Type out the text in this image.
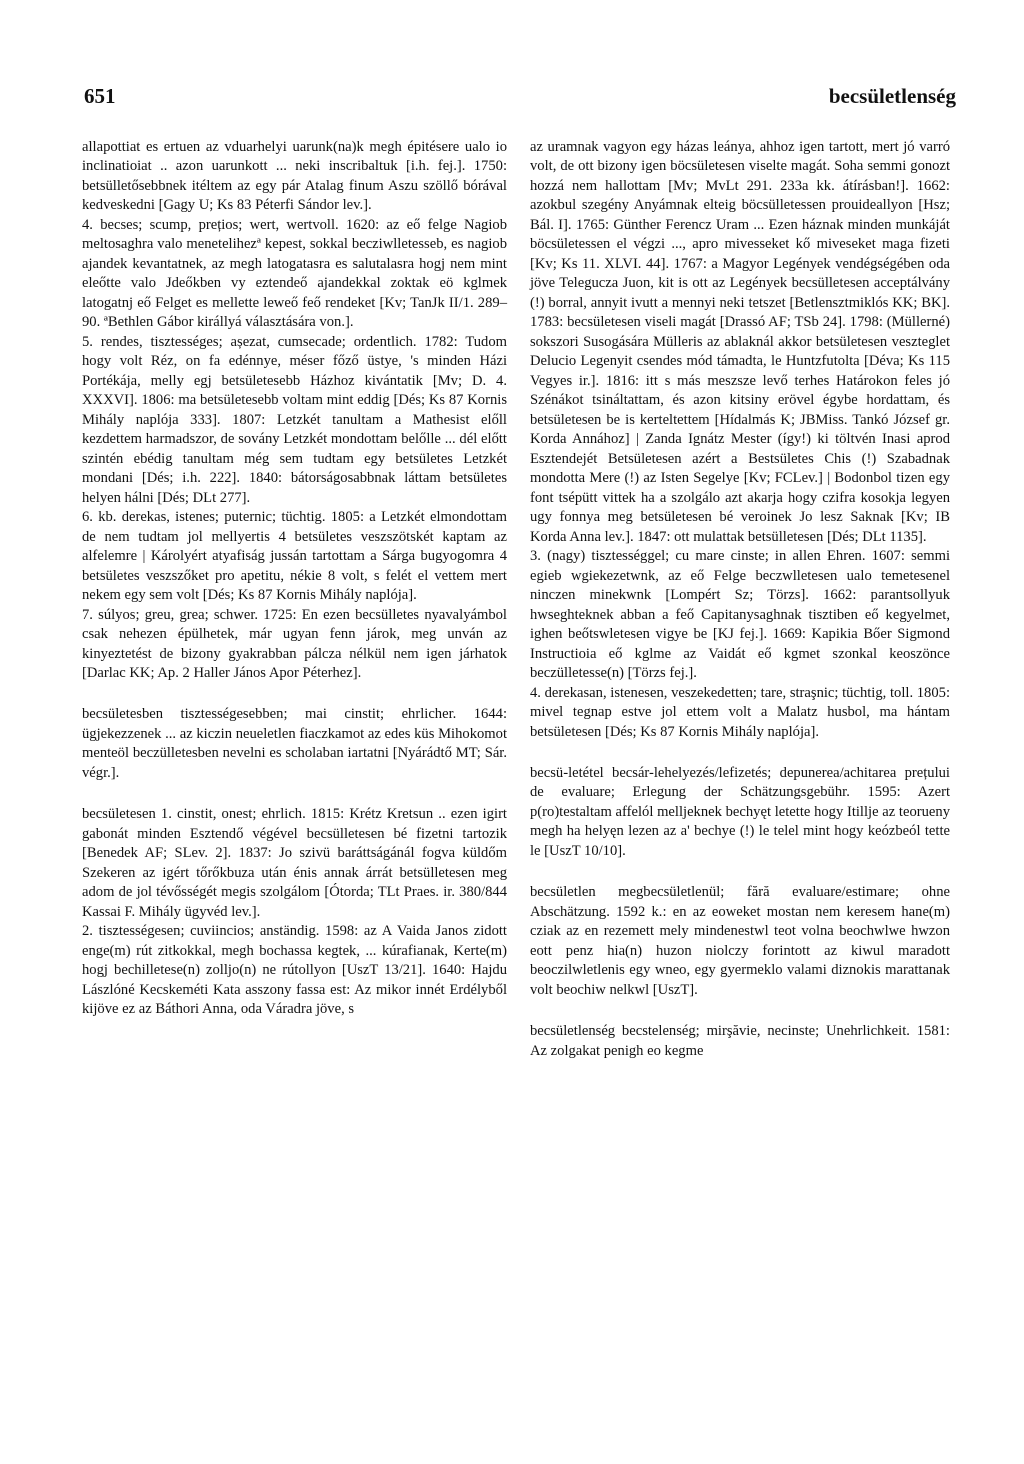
651	becsületlenség

allapottiat es ertuen az vduarhelyi uarunk(na)k megh épitésere ualo io inclinatioiat .. azon uarunkott ... neki inscribaltuk [i.h. fej.]. 1750: betsülletősebbnek itéltem az egy pár Atalag finum Aszu szöllő bórával kedveskedni [Gagy U; Ks 83 Péterfi Sándor lev.].

4. becses; scump, prețios; wert, wertvoll. 1620: az eő felge Nagiob meltosaghra valo menetelihezª kepest, sokkal becziwlletesseb, es nagiob ajandek kevantatnek, az megh latogatasra es salutalasra hogj nem mint eleőtte valo Jdeőkben vy eztendeő ajandekkal zoktak eö kglmek latogatnj eő Felget es mellette leweő feő rendeket [Kv; TanJk II/1. 289–90. ªBethlen Gábor királlyá választására von.].

5. rendes, tisztességes; așezat, cumsecade; ordentlich. 1782: Tudom hogy volt Réz, on fa edénnye, méser főző üstye, 's minden Házi Portékája, melly egj betsületesebb Házhoz kivántatik [Mv; D. 4. XXXVI]. 1806: ma betsületesebb voltam mint eddig [Dés; Ks 87 Kornis Mihály naplója 333]. 1807: Letzkét tanultam a Mathesist előll kezdettem harmadszor, de sovány Letzkét mondottam belőlle ... dél előtt szintén ebédig tanultam még sem tudtam egy betsületes Letzkét mondani [Dés; i.h. 222]. 1840: bátorságosabbnak láttam betsületes helyen hálni [Dés; DLt 277].

6. kb. derekas, istenes; puternic; tüchtig. 1805: a Letzkét elmondottam de nem tudtam jol mellyertis 4 betsületes veszszötskét kaptam az alfelemre | Károlyért atyafiság jussán tartottam a Sárga bugyogomra 4 betsületes veszszőket pro apetitu, nékie 8 volt, s felét el vettem mert nekem egy sem volt [Dés; Ks 87 Kornis Mihály naplója].

7. súlyos; greu, grea; schwer. 1725: En ezen becsülletes nyavalyámbol csak nehezen épülhetek, már ugyan fenn járok, meg unván az kinyeztetést de bizony gyakrabban pálcza nélkül nem igen járhatok [Darlac KK; Ap. 2 Haller János Apor Péterhez].

becsületesben tisztességesebben; mai cinstit; ehrlicher. 1644: ügjekezzenek ... az kiczin neueletlen fiaczkamot az edes küs Mihokomot menteöl beczülletesben nevelni es scholaban iartatni [Nyárádtő MT; Sár. végr.].

becsületesen 1. cinstit, onest; ehrlich. 1815: Krétz Kretsun .. ezen igirt gabonát minden Esztendő végével becsülletesen bé fizetni tartozik [Benedek AF; SLev. 2]. 1837: Jo szivü baráttságánál fogva küldőm Szekeren az igért tőrőkbuza után énis annak árrát betsülletesen meg adom de jol tévősségét megis szolgálom [Ótorda; TLt Praes. ir. 380/844 Kassai F. Mihály ügyvéd lev.].

2. tisztességesen; cuviincios; anständig. 1598: az A Vaida Janos zidott enge(m) rút zitkokkal, megh bochassa kegtek, ... kúrafianak, Kerte(m) hogj bechilletese(n) zolljo(n) ne rútollyon [UszT 13/21]. 1640: Hajdu Lászlóné Kecskeméti Kata asszony fassa est: Az mikor innét Erdélyből kijöve ez az Báthori Anna, oda Váradra jöve, s

az uramnak vagyon egy házas leánya, ahhoz igen tartott, mert jó varró volt, de ott bizony igen böcsületesen viselte magát. Soha semmi gonozt hozzá nem hallottam [Mv; MvLt 291. 233a kk. átírásban!]. 1662: azokbul szegény Anyámnak elteig böcsülletessen prouideallyon [Hsz; Bál. I]. 1765: Günther Ferencz Uram ... Ezen háznak minden munkáját böcsületessen el végzi ..., apro mivesseket kő miveseket maga fizeti [Kv; Ks 11. XLVI. 44]. 1767: a Magyor Legények vendégségében oda jöve Telegucza Juon, kit is ott az Legények becsülletesen acceptálvány (!) borral, annyit ivutt a mennyi neki tetszet [Betlensztmiklós KK; BK]. 1783: becsületesen viseli magát [Drassó AF; TSb 24]. 1798: (Müllerné) sokszori Susogására Mülleris az ablaknál akkor betsületesen veszteglet Delucio Legenyit csendes mód támadta, le Huntzfutolta [Déva; Ks 115 Vegyes ir.]. 1816: itt s más meszsze levő terhes Határokon feles jó Szénákot tsináltattam, és azon kitsiny erövel égybe hordattam, és betsületesen be is kerteltettem [Hídalmás K; JBMiss. Tankó József gr. Korda Annához] | Zanda Ignátz Mester (így!) ki töltvén Inasi aprod Esztendejét Betsületesen azért a Bestsületes Chis (!) Szabadnak mondotta Mere (!) az Isten Segelye [Kv; FCLev.] | Bodonbol tizen egy font tsépütt vittek ha a szolgálo azt akarja hogy czifra kosokja legyen ugy fonnya meg betsületesen bé veroinek Jo lesz Saknak [Kv; IB Korda Anna lev.]. 1847: ott mulattak betsülletesen [Dés; DLt 1135].

3. (nagy) tisztességgel; cu mare cinste; in allen Ehren. 1607: semmi egieb wgiekezetwnk, az eő Felge beczwlletesen ualo temetesenel ninczen minekwnk [Lompért Sz; Törzs]. 1662: parantsollyuk hwseghteknek abban a feő Capitanysaghnak tisztiben eő kegyelmet, ighen beőtswletesen vigye be [KJ fej.]. 1669: Kapikia Bőer Sigmond Instructioia eő kglme az Vaidát eő kgmet szonkal keoszönce beczülletesse(n) [Törzs fej.].

4. derekasan, istenesen, veszekedetten; tare, straşnic; tüchtig, toll. 1805: mivel tegnap estve jol ettem volt a Malatz husbol, ma hántam betsületesen [Dés; Ks 87 Kornis Mihály naplója].

becsü-letétel becsár-lehelyezés/lefizetés; depunerea/achitarea prețului de evaluare; Erlegung der Schätzungsgebühr. 1595: Azert p(ro)testaltam affelól melljeknek bechyęt letette hogy Itillje az teorueny megh ha helyęn lezen az a' bechye (!) le telel mint hogy keózbeól tette le [UszT 10/10].

becsületlen megbecsületlenül; fără evaluare/estimare; ohne Abschätzung. 1592 k.: en az eoweket mostan nem keresem hane(m) cziak az en rezemett mely mindenestwl teot volna beochwlwe hwzon eott penz hia(n) huzon niolczy forintott az kiwul maradott beoczilwletlenis egy wneo, egy gyermeklo valami diznokis marattanak volt beochiw nelkwl [UszT].

becsületlenség becstelenség; mirşăvie, necinste; Unehrlichkeit. 1581: Az zolgakat penigh eo kegme
